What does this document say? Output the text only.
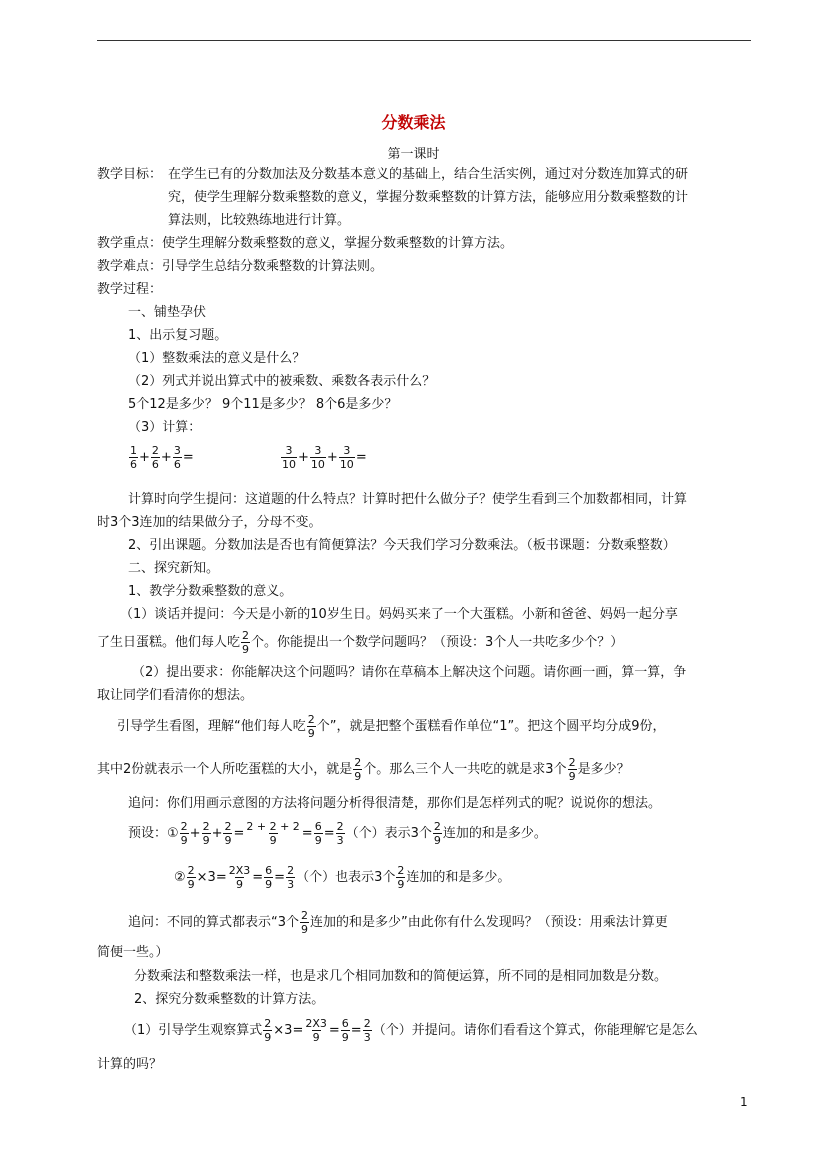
分数乘法
第一课时
教学目标： 在学生已有的分数加法及分数基本意义的基础上，结合生活实例，通过对分数连加算式的研
究，使学生理解分数乘整数的意义，掌握分数乘整数的计算方法，能够应用分数乘整数的计
算法则，比较熟练地进行计算。
教学重点：使学生理解分数乘整数的意义，掌握分数乘整数的计算方法。
教学难点：引导学生总结分数乘整数的计算法则。
教学过程：
一、铺垫孕伏
1、出示复习题。
（1）整数乘法的意义是什么？
（2）列式并说出算式中的被乘数、乘数各表示什么？
5个12是多少？ 9个11是多少？ 8个6是多少？
（3）计算：
$\frac{1}{6} + \frac{2}{6} + \frac{3}{6}$ =	$\frac{3}{10} + \frac{3}{10} + \frac{3}{10}$ =
计算时向学生提问：这道题的什么特点？计算时把什么做分子？使学生看到三个加数都相同，计算
时3个3连加的结果做分子，分母不变。
2、引出课题。分数加法是否也有简便算法？今天我们学习分数乘法。（板书课题：分数乘整数）
二、探究新知。
1、教学分数乘整数的意义。
（1）谈话并提问：今天是小新的10岁生日。妈妈买来了一个大蛋糕。小新和爸爸、妈妈一起分享
了生日蛋糕。他们每人吃 $\frac{2}{9}$ 个。你能提出一个数学问题吗？（预设：3个人一共吃多少个？）
（2）提出要求：你能解决这个问题吗？请你在草稿本上解决这个问题。请你画一画，算一算，争
取让同学们看清你的想法。
引导学生看图，理解“他们每人吃 $\frac{2}{9}$ 个”，就是把整个蛋糕看作单位“1”。把这个圆平均分成9份，
其中2份就表示一个人所吃蛋糕的大小，就是 $\frac{2}{9}$ 个。那么三个人一共吃的就是求3个 $\frac{2}{9}$ 是多少？
追问：你们用画示意图的方法将问题分析得很清楚，那你们是怎样列式的呢？说说你的想法。
预设：① $\frac{2}{9} + \frac{2}{9} + \frac{2}{9} = \frac{2 + 2 + 2}{9} = \frac{6}{9} = \frac{2}{3}$ （个）表示3个 $\frac{2}{9}$ 连加的和是多少。
② $\frac{2}{9} \times 3= \frac{2X3}{9} = \frac{6}{9} = \frac{2}{3}$ （个）也表示3个 $\frac{2}{9}$ 连加的和是多少。
追问：不同的算式都表示“3个 $\frac{2}{9}$ 连加的和是多少”由此你有什么发现吗？（预设：用乘法计算更
简便一些。）
分数乘法和整数乘法一样，也是求几个相同加数和的简便运算，所不同的是相同加数是分数。
2、探究分数乘整数的计算方法。
（1）引导学生观察算式 $\frac{2}{9} \times 3= \frac{2X3}{9} = \frac{6}{9} = \frac{2}{3}$ （个）并提问。请你们看看这个算式，你能理解它是怎么
计算的吗？
1
